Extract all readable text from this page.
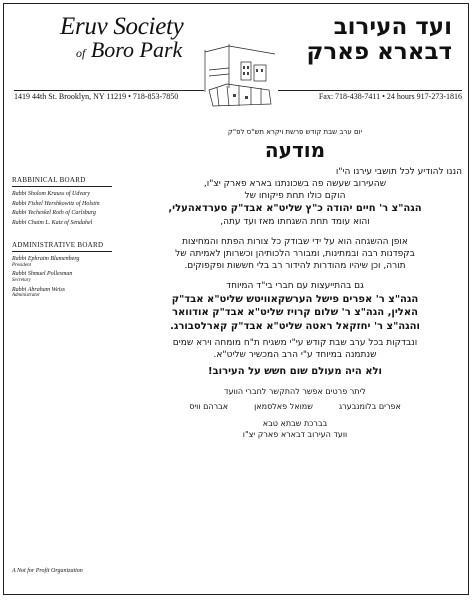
Eruv Society
of Boro Park
ועד העירוב
דבארא פארק
1419 44th St. Brooklyn, NY 11219 • 718-853-7850	Fax: 718-438-7411 • 24 hours 917-273-1816
RABBINICAL BOARD
Rabbi Sholom Krauss of Udvary
Rabbi Fishel Hershkowitz of Holstin
Rabbi Yecheskel Roth of Carlsburg
Rabbi Chaim L. Katz of Sendahel
ADMINISTRATIVE BOARD
Rabbi Ephraim Blumenberg
President
Rabbi Shmuel Pollesman
Secretary
Rabbi Abraham Weiss
Administrator
A Not for Profit Organization
יום ערב שבת קודש פרשת ויקרא תש"ס לפ"ק
מודעה
הננו להודיע לכל תושבי עירנו הי"ו
שהעירוב שעשה פה בשכונתנו בארא פארק יצ"ו,
הוקם כולו תחת פיקוחו של
הגה"צ ר' חיים יהודה כ"ץ שליט"א אבד"ק סערדאהעלי,
והוא עומד תחת השגחתו מאז ועד עתה,
אופן ההשגחה הוא על ידי שבודק כל צורות הפתח והמחיצות
בקפדנות רבה ובמתינות, ומבורר הלכותיהן וכשרותן לאמיתה של
תורה, וכן שיהיו מהודרות להידור רב בלי חששות ופקפוקים.
גם בהתייעצות עם חברי בי"ד המיוחד
הגה"צ ר' אפרים פישל הערשקאוויטש שליט"א אבד"ק
האלין, הגה"צ ר' שלום קרויז שליט"א אבד"ק אודוואר
והגה"צ ר' יחזקאל ראטה שליט"א אבד"ק קארלסבורג.
ונבדקות בכל ערב שבת קודש עי"י משגיח ת"ח מומחה וירא שמים
שנתמנה במיוחד ע"י הרב המכשיר שליט"א.
ולא היה מעולם שום חשש על העירוב!
ליתר פרטים אפשר להתקשר לחברי הוועד
אפרים בלומנבערג
שמואל פאלסמאן
אברהם וויס
בברכת שבתא טבא
וועד העירוב דבארא פארק יצ"ו
